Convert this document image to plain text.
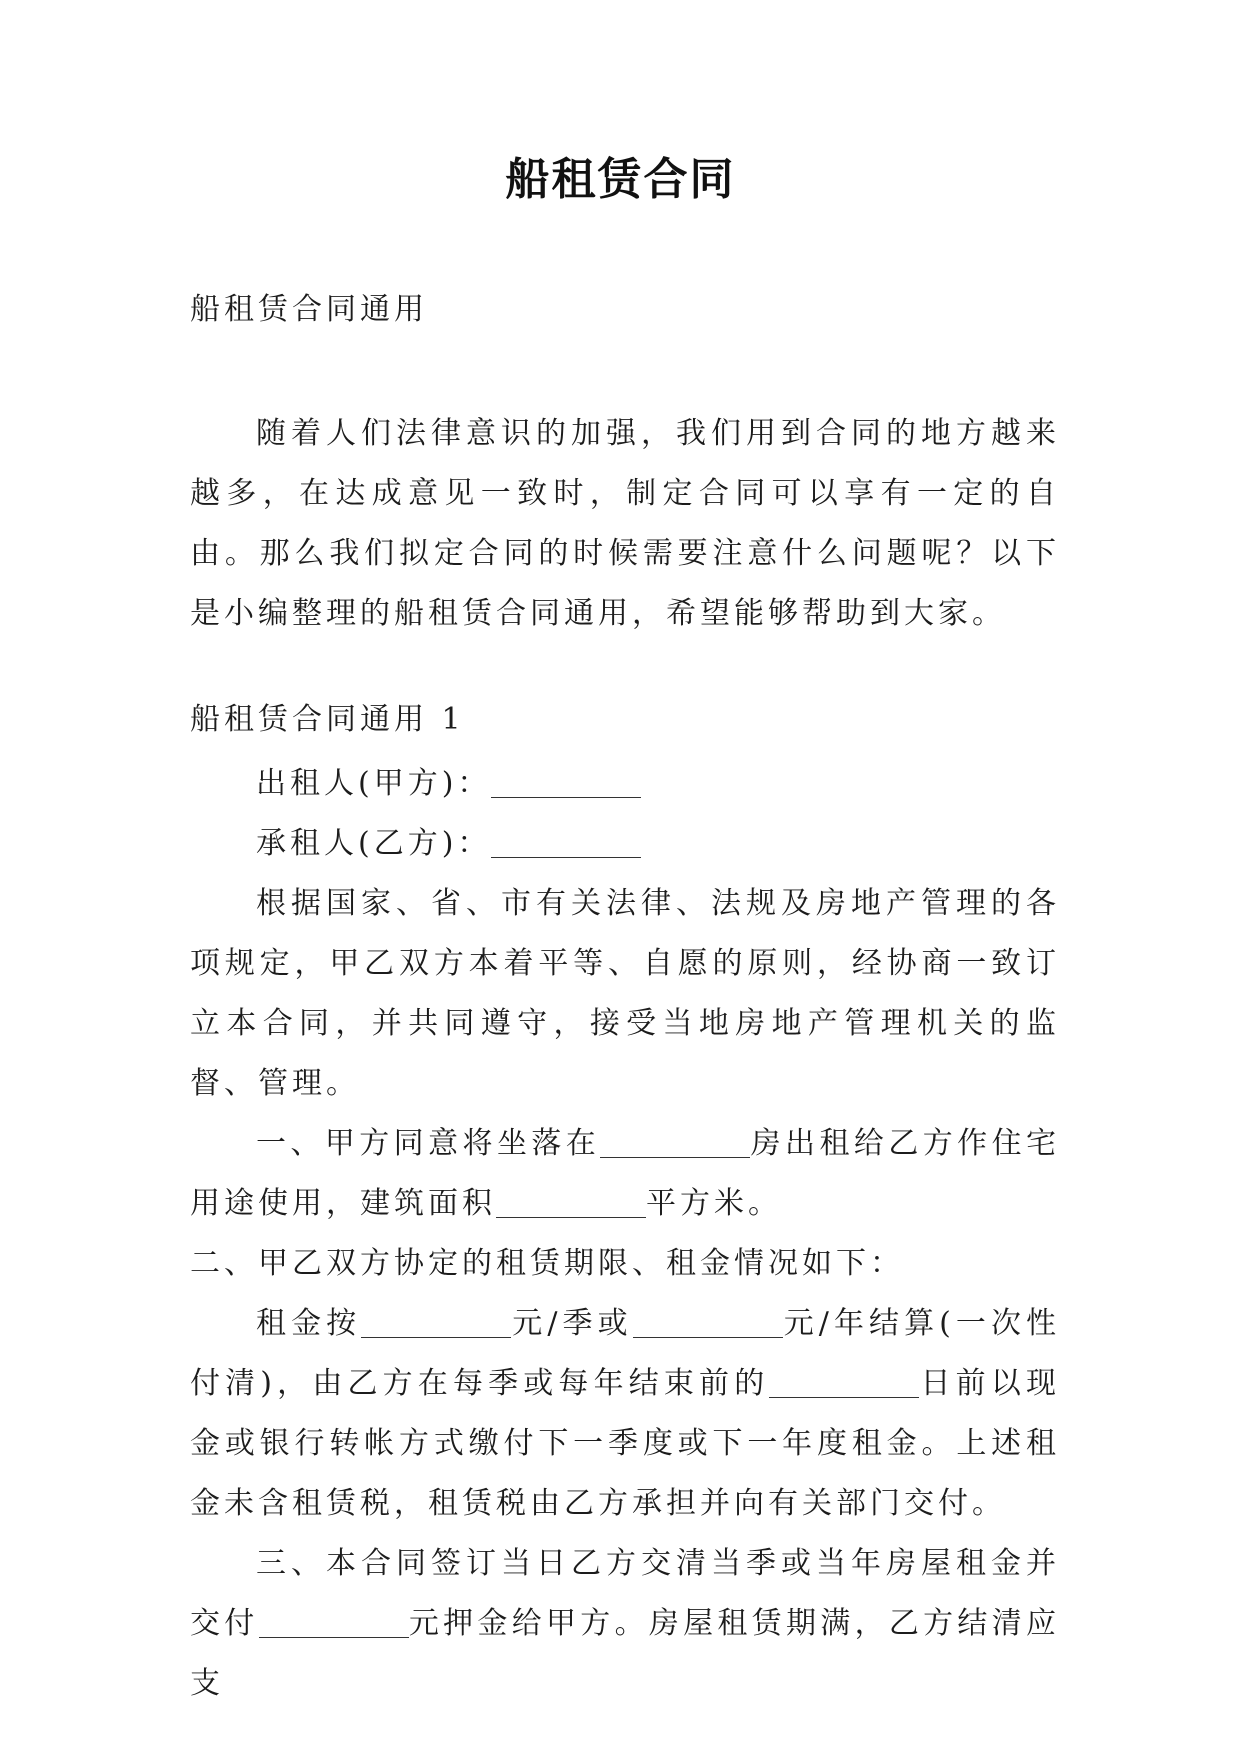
船租赁合同
船租赁合同通用
随着人们法律意识的加强，我们用到合同的地方越来越多，在达成意见一致时，制定合同可以享有一定的自由。那么我们拟定合同的时候需要注意什么问题呢？以下是小编整理的船租赁合同通用，希望能够帮助到大家。
船租赁合同通用 1

出租人(甲方)：

承租人(乙方)：

根据国家、省、市有关法律、法规及房地产管理的各项规定，甲乙双方本着平等、自愿的原则，经协商一致订立本合同，并共同遵守，接受当地房地产管理机关的监督、管理。

一、甲方同意将坐落在	房出租给乙方作住宅用途使用，建筑面积	平方米。

二、甲乙双方协定的租赁期限、租金情况如下：

租金按	元/季或	元/年结算(一次性付清)，由乙方在每季或每年结束前的	日前以现金或银行转帐方式缴付下一季度或下一年度租金。上述租金未含租赁税，租赁税由乙方承担并向有关部门交付。

三、本合同签订当日乙方交清当季或当年房屋租金并交付	元押金给甲方。房屋租赁期满，乙方结清应支
